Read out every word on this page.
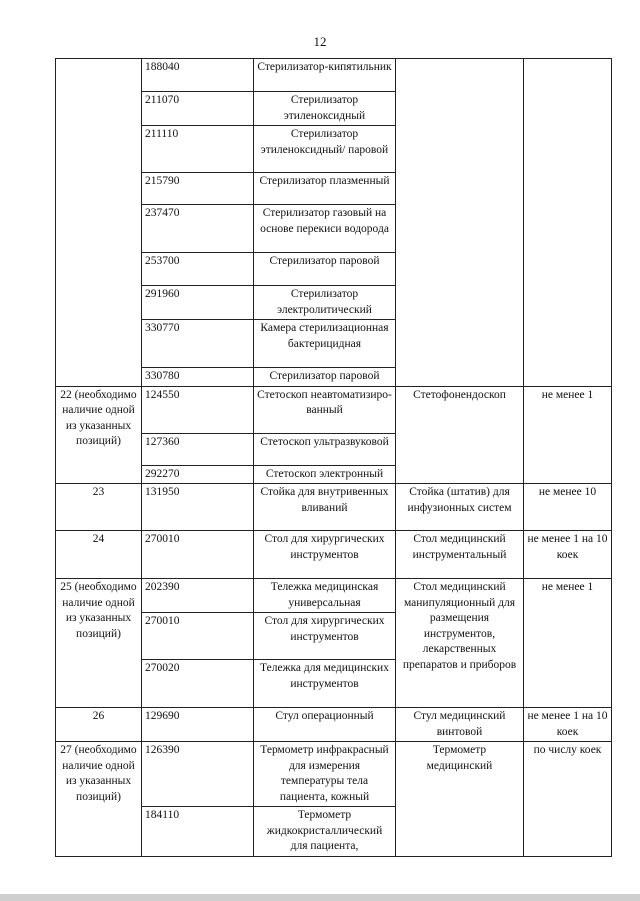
12
	188040	Стерилизатор-кипятильник		
	211070	Стерилизатор этиленоксидный		
	211110	Стерилизатор этиленоксидный/ паровой		
	215790	Стерилизатор плазменный		
	237470	Стерилизатор газовый на основе перекиси водорода		
	253700	Стерилизатор паровой		
	291960	Стерилизатор электролитический		
	330770	Камера стерилизационная бактерицидная		
	330780	Стерилизатор паровой		
22 (необходимо наличие одной из указанных позиций)	124550	Стетоскоп неавтоматизиро-ванный	Стетофонендоскоп	не менее 1
	127360	Стетоскоп ультразвуковой		
	292270	Стетоскоп электронный		
23	131950	Стойка для внутривенных вливаний	Стойка (штатив) для инфузионных систем	не менее 10
24	270010	Стол для хирургических инструментов	Стол медицинский инструментальный	не менее 1 на 10 коек
25 (необходимо наличие одной из указанных позиций)	202390	Тележка медицинская универсальная	Стол медицинский манипуляционный для размещения инструментов, лекарственных препаратов и приборов	не менее 1
	270010	Стол для хирургических инструментов		
	270020	Тележка для медицинских инструментов		
26	129690	Стул операционный	Стул медицинский винтовой	не менее 1 на 10 коек
27 (необходимо наличие одной из указанных позиций)	126390	Термометр инфракрасный для измерения температуры тела пациента, кожный	Термометр медицинский	по числу коек
	184110	Термометр жидкокристаллический для пациента,		
